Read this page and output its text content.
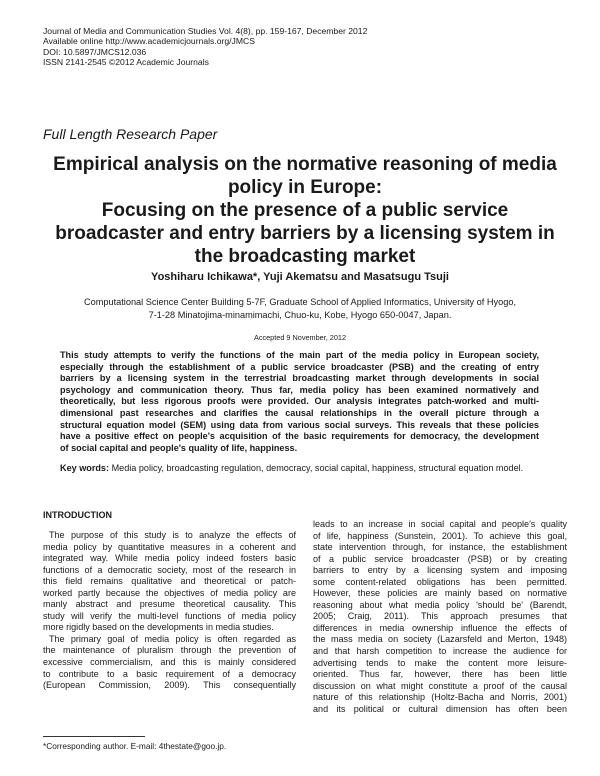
Journal of Media and Communication Studies Vol. 4(8), pp. 159-167, December 2012
Available online http://www.academicjournals.org/JMCS
DOI: 10.5897/JMCS12.036
ISSN 2141-2545 ©2012 Academic Journals
Full Length Research Paper
Empirical analysis on the normative reasoning of media
policy in Europe:
Focusing on the presence of a public service
broadcaster and entry barriers by a licensing system in
the broadcasting market
Yoshiharu Ichikawa*, Yuji Akematsu and Masatsugu Tsuji
Computational Science Center Building 5-7F, Graduate School of Applied Informatics, University of Hyogo,
7-1-28 Minatojima-minamimachi, Chuo-ku, Kobe, Hyogo 650-0047, Japan.
Accepted 9 November, 2012
This study attempts to verify the functions of the main part of the media policy in European society,
especially through the establishment of a public service broadcaster (PSB) and the creating of entry
barriers by a licensing system in the terrestrial broadcasting market through developments in social
psychology and communication theory. Thus far, media policy has been examined normatively and
theoretically, but less rigorous proofs were provided. Our analysis integrates patch-worked and multi-
dimensional past researches and clarifies the causal relationships in the overall picture through a
structural equation model (SEM) using data from various social surveys. This reveals that these policies
have a positive effect on people's acquisition of the basic requirements for democracy, the development
of social capital and people's quality of life, happiness.
Key words: Media policy, broadcasting regulation, democracy, social capital, happiness, structural equation model.
INTRODUCTION
The purpose of this study is to analyze the effects of
media policy by quantitative measures in a coherent and
integrated way. While media policy indeed fosters basic
functions of a democratic society, most of the research in
this field remains qualitative and theoretical or patch-
worked partly because the objectives of media policy are
manly abstract and presume theoretical causality. This
study will verify the multi-level functions of media policy
more rigidly based on the developments in media studies.
The primary goal of media policy is often regarded as
the maintenance of pluralism through the prevention of
excessive commercialism, and this is mainly considered
to contribute to a basic requirement of a democracy
(European Commission, 2009). This consequentially
leads to an increase in social capital and people's quality
of life, happiness (Sunstein, 2001). To achieve this goal,
state intervention through, for instance, the establishment
of a public service broadcaster (PSB) or by creating
barriers to entry by a licensing system and imposing
some content-related obligations has been permitted.
However, these policies are mainly based on normative
reasoning about what media policy 'should be' (Barendt,
2005; Craig, 2011). This approach presumes that
differences in media ownership influence the effects of
the mass media on society (Lazarsfeld and Merton, 1948)
and that harsh competition to increase the audience for
advertising tends to make the content more leisure-
oriented. Thus far, however, there has been little
discussion on what might constitute a proof of the causal
nature of this relationship (Holtz-Bacha and Norris, 2001)
and its political or cultural dimension has often been
*Corresponding author. E-mail: 4thestate@goo.jp.
